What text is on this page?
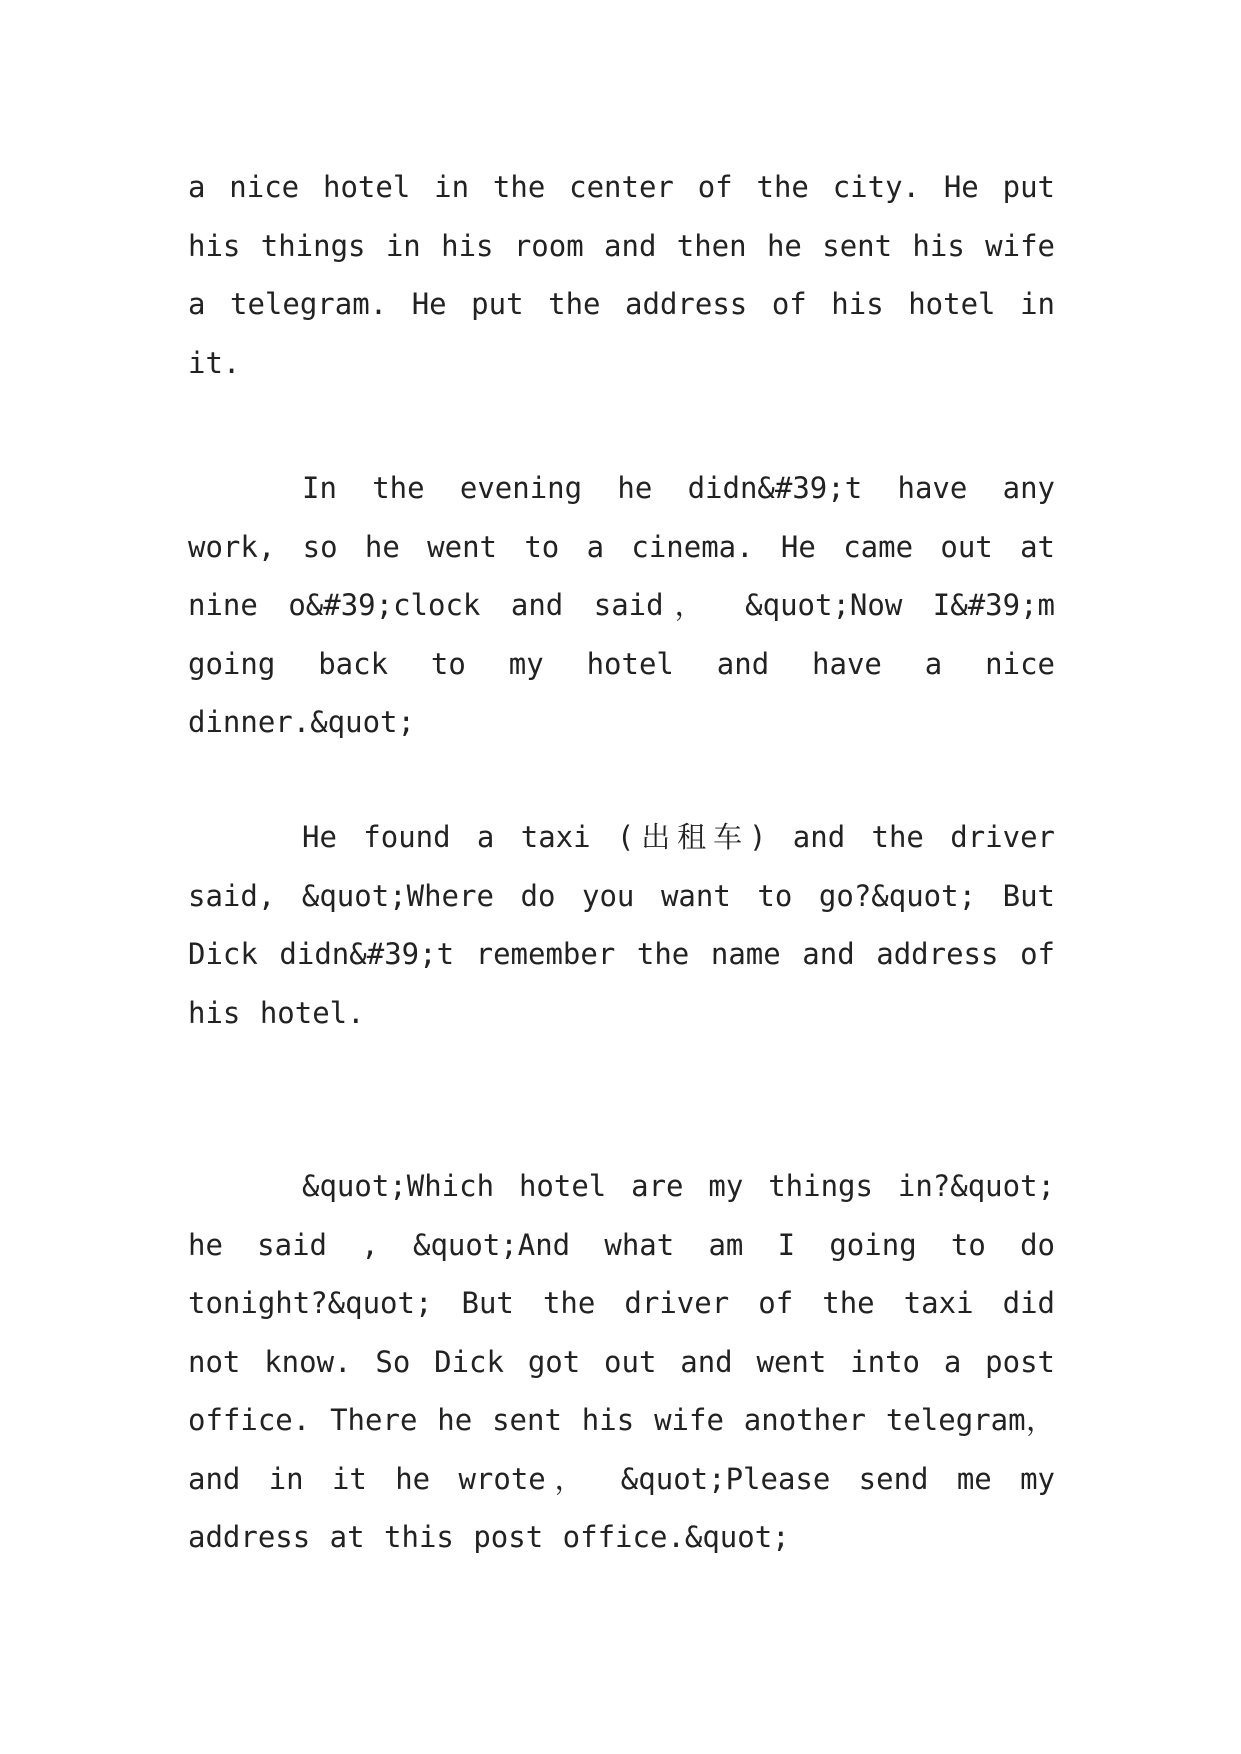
a nice hotel in the center of the city. He put his things in his room and then he sent his wife a telegram. He put the address of his hotel in it.

In the evening he didn&#39;t have any work, so he went to a cinema. He came out at nine o&#39;clock and said， &quot;Now I&#39;m going back to my hotel and have a nice dinner.&quot;

He found a taxi (出租车) and the driver said, &quot;Where do you want to go?&quot; But Dick didn&#39;t remember the name and address of his hotel.

&quot;Which hotel are my things in?&quot; he said , &quot;And what am I going to do tonight?&quot; But the driver of the taxi did not know. So Dick got out and went into a post office. There he sent his wife another telegram， and in it he wrote， &quot;Please send me my address at this post office.&quot;
